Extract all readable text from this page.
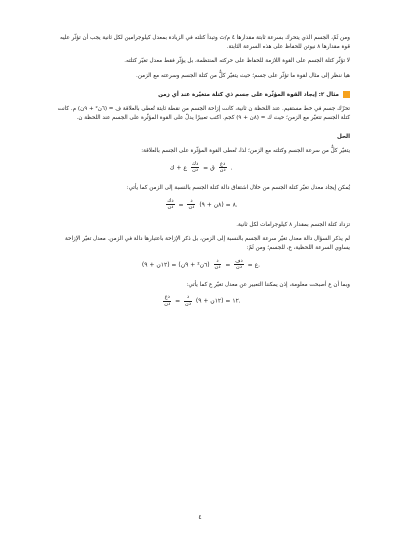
ومن ثَمّ، الجسم الذي يتحرك بسرعة ثابتة مقدارها ٤ م/ث وتبدأ كتلته في الزيادة بمعدل كيلوجرامين لكل ثانية يجب أن تؤثّر عليه قوة مقدارها ٨ نيوتن للحفاظ على هذه السرعة الثابتة.

لا تؤثّر كتلة الجسم على القوة اللازمة للحفاظ على حركته المنتظمة، بل يؤثّر فقط معدل تغيّر كتلته.

هيا ننظر إلى مثال لقوة ما تؤثّر على جسم؛ حيث يتغيّر كلٌّ من كتلة الجسم وسرعته مع الزمن.

مثال ٢: إيجاد القوة المؤثّرة على جسم ذي كتلة متغيّرة عند أي زمن

تحرّك جسم في خط مستقيم. عند اللحظة ن ثانية، كانت إزاحة الجسم من نقطة ثابتة تُعطى بالعلاقة ف = (٦ن² + ٩ن) م. كانت كتلة الجسم تتغيّر مع الزمن؛ حيث ك = (٨ن + ٩) كجم. اكتب تعبيرًا يدلّ على القوة المؤثّرة على الجسم عند اللحظة ن.

الحل

يتغيّر كلٌّ من سرعة الجسم وكتلته مع الزمن؛ لذا، تُعطى القوة المؤثّرة على الجسم بالعلاقة:

ق =
$\frac{\text{دك}}{\text{دن}}$
ع + ك	$\frac{\text{دع}}{\text{دن}}$ .

يُمكن إيجاد معدل تغيّر كتلة الجسم من خلال اشتقاق دالة كتلة الجسم بالنسبة إلى الزمن كما يأتي:

$\frac{\text{دك}}{\text{دن}} = \frac{\text{د}}{\text{دن}}$ (٨ن + ٩) = ٨.

تزداد كتلة الجسم بمقدار ٨ كيلوجرامات لكل ثانية.

لم يذكر السؤال دالة معدل تغيّر سرعة الجسم بالنسبة إلى الزمن، بل ذكر الإزاحة باعتبارها دالة في الزمن. معدل تغيّر الإزاحة يساوي السرعة اللحظية، ع، للجسم؛ ومن ثَمّ:

ع =
$\frac{\text{دف}}{\text{دن}}$
=
$\frac{\text{د}}{\text{دن}}$
(٦ن² + ٩ن) = (١٢ن + ٩).

وبما أن ع أصبحت معلومة، إذن يمكننا التعبير عن معدل تغيّر ع كما يأتي:

$\frac{\text{دع}}{\text{دن}} = \frac{\text{د}}{\text{دن}}$ (١٢ن + ٩) = ١٢.
٤
